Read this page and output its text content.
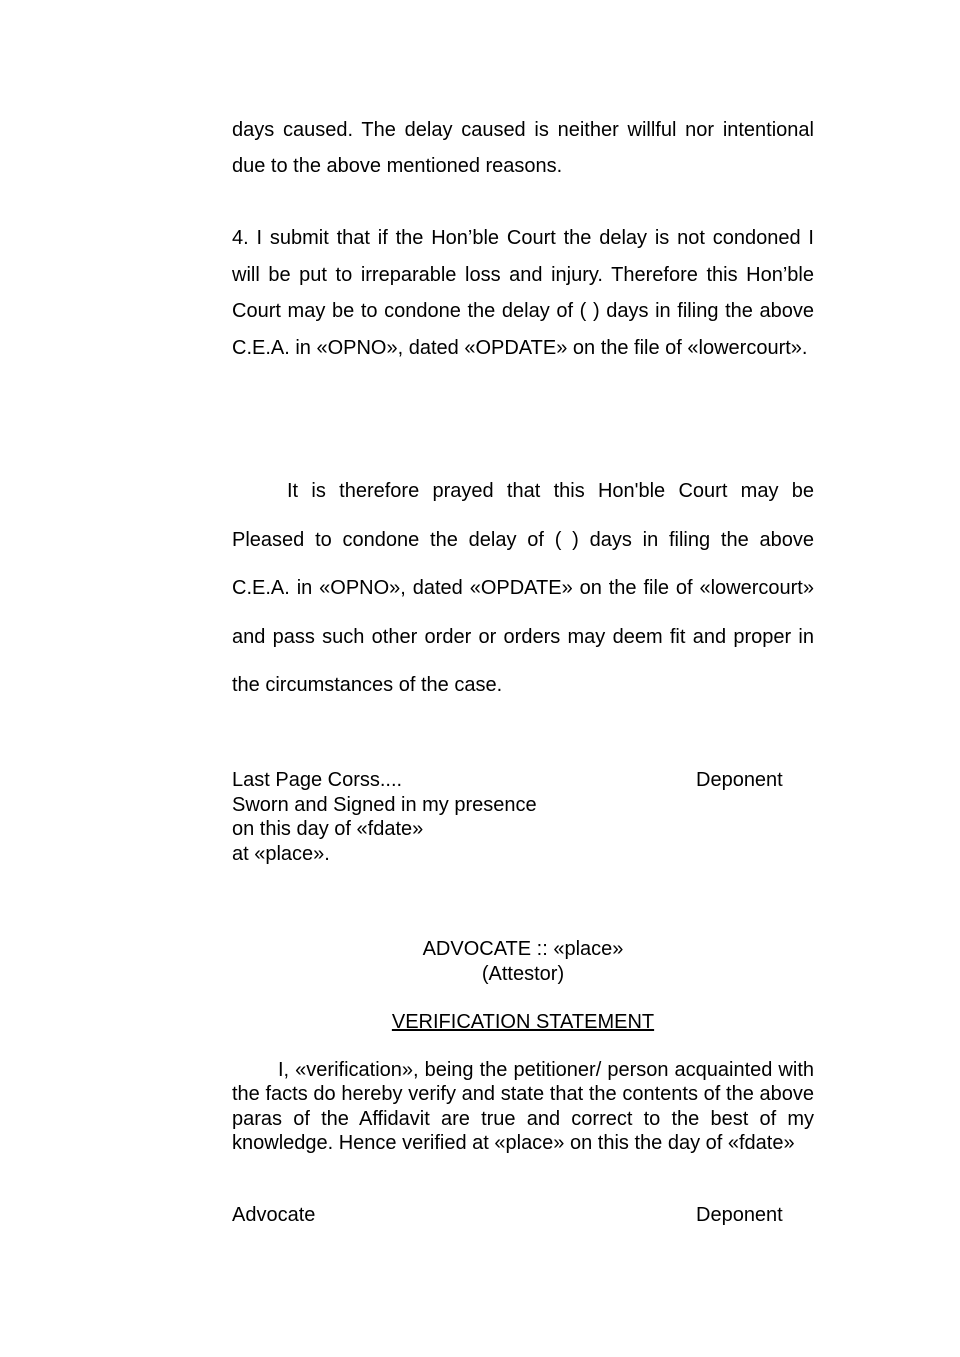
days caused. The delay caused is neither willful nor intentional due to the above mentioned reasons.
4. I submit that if the Hon’ble Court the delay is not condoned I will be put to irreparable loss and injury. Therefore this Hon’ble Court may be to condone the delay of ( ) days in filing the above C.E.A. in «OPNO», dated «OPDATE» on the file of «lowercourt».
It is therefore prayed that this Hon'ble Court may be Pleased to condone the delay of ( ) days in filing the above C.E.A. in «OPNO», dated «OPDATE» on the file of «lowercourt» and pass such other order or orders may deem fit and proper in the circumstances of the case.
Last Page Corss....
Sworn and Signed in my presence
on this day of «fdate»
at «place».
Deponent
ADVOCATE :: «place»
(Attestor)
VERIFICATION STATEMENT
I, «verification», being the petitioner/ person acquainted with the facts do hereby verify and state that the contents of the above paras of the Affidavit are true and correct to the best of my knowledge. Hence verified at «place» on this the day of «fdate»
Advocate	Deponent
